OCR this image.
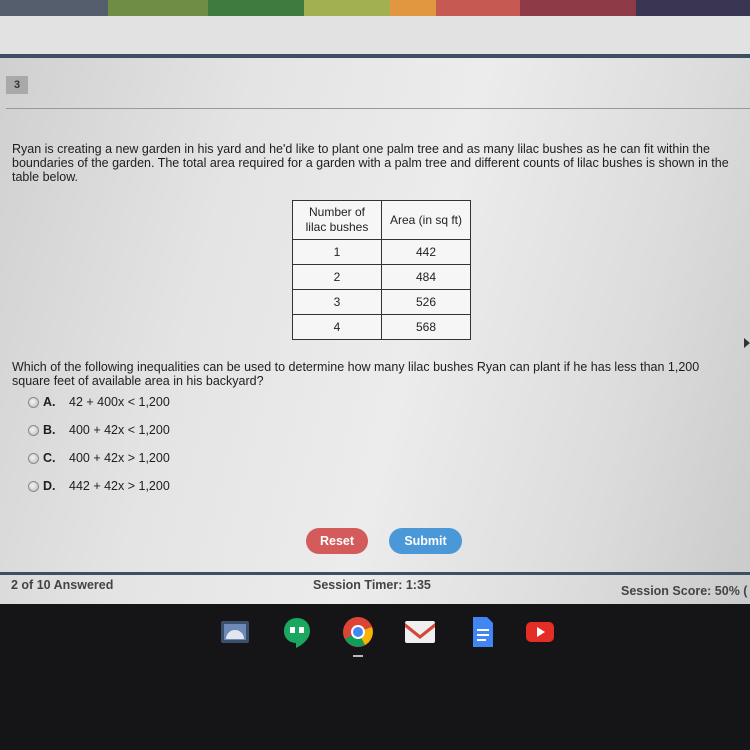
3
Ryan is creating a new garden in his yard and he'd like to plant one palm tree and as many lilac bushes as he can fit within the boundaries of the garden. The total area required for a garden with a palm tree and different counts of lilac bushes is shown in the table below.
Number of lilac bushes	Area (in sq ft)
1	442
2	484
3	526
4	568
Which of the following inequalities can be used to determine how many lilac bushes Ryan can plant if he has less than 1,200 square feet of available area in his backyard?
A.	42 + 400x < 1,200
B.	400 + 42x < 1,200
C.	400 + 42x > 1,200
D.	442 + 42x > 1,200
Reset	Submit
2 of 10 Answered	Session Timer: 1:35	Session Score: 50% (
